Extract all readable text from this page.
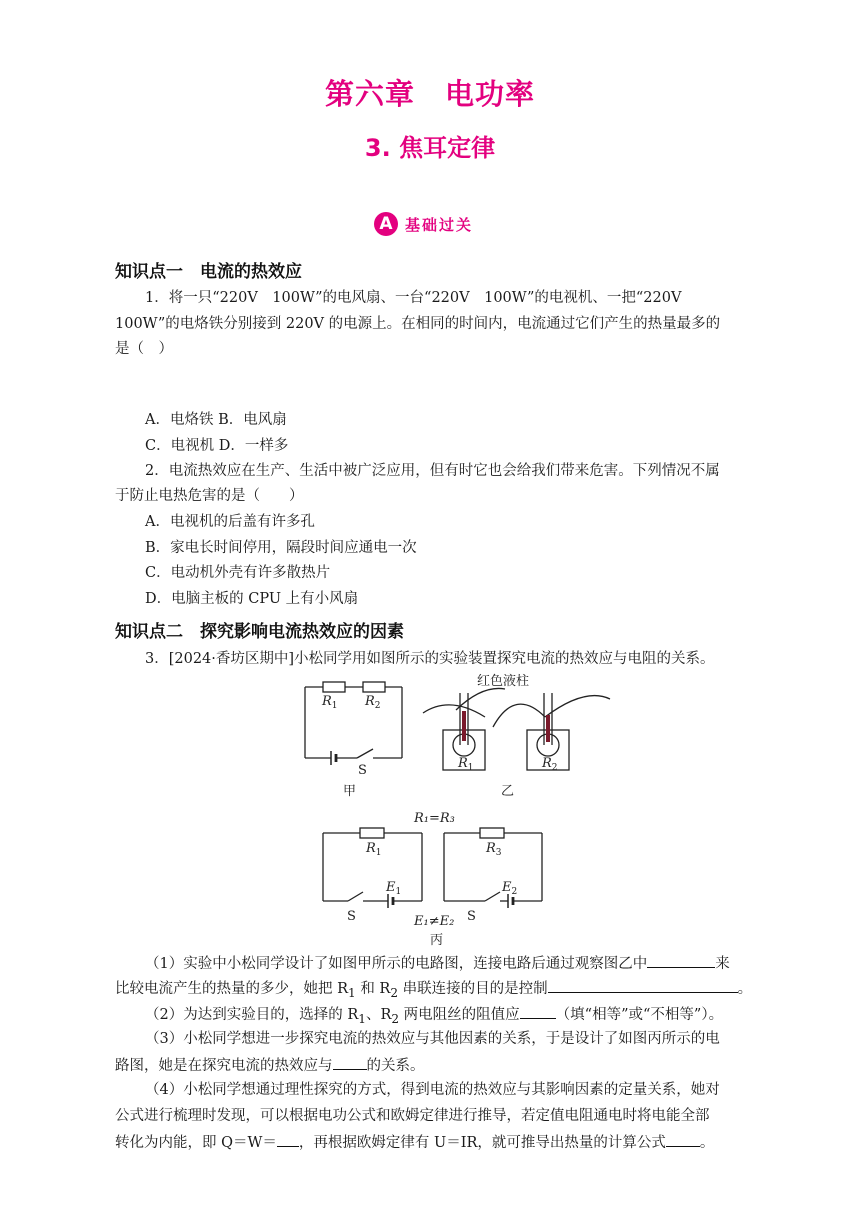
第六章　电功率
3. 焦耳定律
A 基础过关
知识点一　电流的热效应
1．将一只“220V　100W”的电风扇、一台“220V　100W”的电视机、一把“220V
100W”的电烙铁分别接到 220V 的电源上。在相同的时间内，电流通过它们产生的热量最多的
是（　）
A．电烙铁 B．电风扇
C．电视机 D．一样多
2．电流热效应在生产、生活中被广泛应用，但有时它也会给我们带来危害。下列情况不属
于防止电热危害的是（　　）
A．电视机的后盖有许多孔
B．家电长时间停用，隔段时间应通电一次
C．电动机外壳有许多散热片
D．电脑主板的 CPU 上有小风扇
知识点二　探究影响电流热效应的因素
3．[2024·香坊区期中]小松同学用如图所示的实验装置探究电流的热效应与电阻的关系。
$R_1$ $R_2$
S
甲
红色液柱
$R_1$	$R_2$
乙
R₁=R₃
$R_1$	$R_3$
$E_1$	$E_2$
S	S
E₁≠E₂
丙
（1）实验中小松同学设计了如图甲所示的电路图，连接电路后通过观察图乙中	来
比较电流产生的热量的多少，她把 $R_1$ 和 $R_2$ 串联连接的目的是控制	。
（2）为达到实验目的，选择的 $R_1$、$R_2$ 两电阻丝的阻值应 （填“相等”或“不相等”）。
（3）小松同学想进一步探究电流的热效应与其他因素的关系，于是设计了如图丙所示的电
路图，她是在探究电流的热效应与 的关系。
（4）小松同学想通过理性探究的方式，得到电流的热效应与其影响因素的定量关系，她对
公式进行梳理时发现，可以根据电功公式和欧姆定律进行推导，若定值电阻通电时将电能全部
转化为内能，即 Q＝W＝ ，再根据欧姆定律有 U＝IR，就可推导出热量的计算公式 。
